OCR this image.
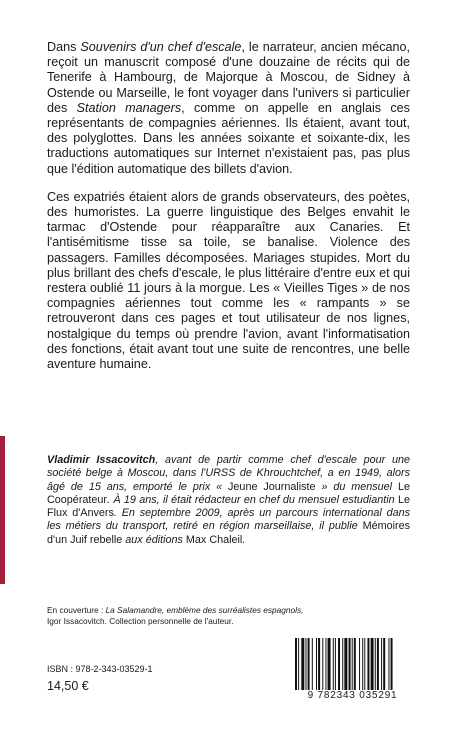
Dans Souvenirs d'un chef d'escale, le narrateur, ancien mécano, reçoit un manuscrit composé d'une douzaine de récits qui de Tenerife à Hambourg, de Majorque à Moscou, de Sidney à Ostende ou Marseille, le font voyager dans l'univers si particulier des Station managers, comme on appelle en anglais ces représentants de compagnies aériennes. Ils étaient, avant tout, des polyglottes. Dans les années soixante et soixante-dix, les traductions automatiques sur Internet n'existaient pas, pas plus que l'édition automatique des billets d'avion.

Ces expatriés étaient alors de grands observateurs, des poètes, des humoristes. La guerre linguistique des Belges envahit le tarmac d'Ostende pour réapparaître aux Canaries. Et l'antisémitisme tisse sa toile, se banalise. Violence des passagers. Familles décomposées. Mariages stupides. Mort du plus brillant des chefs d'escale, le plus littéraire d'entre eux et qui restera oublié 11 jours à la morgue. Les « Vieilles Tiges » de nos compagnies aériennes tout comme les « rampants » se retrouveront dans ces pages et tout utilisateur de nos lignes, nostalgique du temps où prendre l'avion, avant l'informatisation des fonctions, était avant tout une suite de rencontres, une belle aventure humaine.

Vladimir Issacovitch, avant de partir comme chef d'escale pour une société belge à Moscou, dans l'URSS de Khrouchtchef, a en 1949, alors âgé de 15 ans, emporté le prix « Jeune Journaliste » du mensuel Le Coopérateur. À 19 ans, il était rédacteur en chef du mensuel estudiantin Le Flux d'Anvers. En septembre 2009, après un parcours international dans les métiers du transport, retiré en région marseillaise, il publie Mémoires d'un Juif rebelle aux éditions Max Chaleil.
En couverture : La Salamandre, emblème des surréalistes espagnols,
Igor Issacovitch. Collection personnelle de l'auteur.
ISBN : 978-2-343-03529-1
14,50 €
9 782343 035291
